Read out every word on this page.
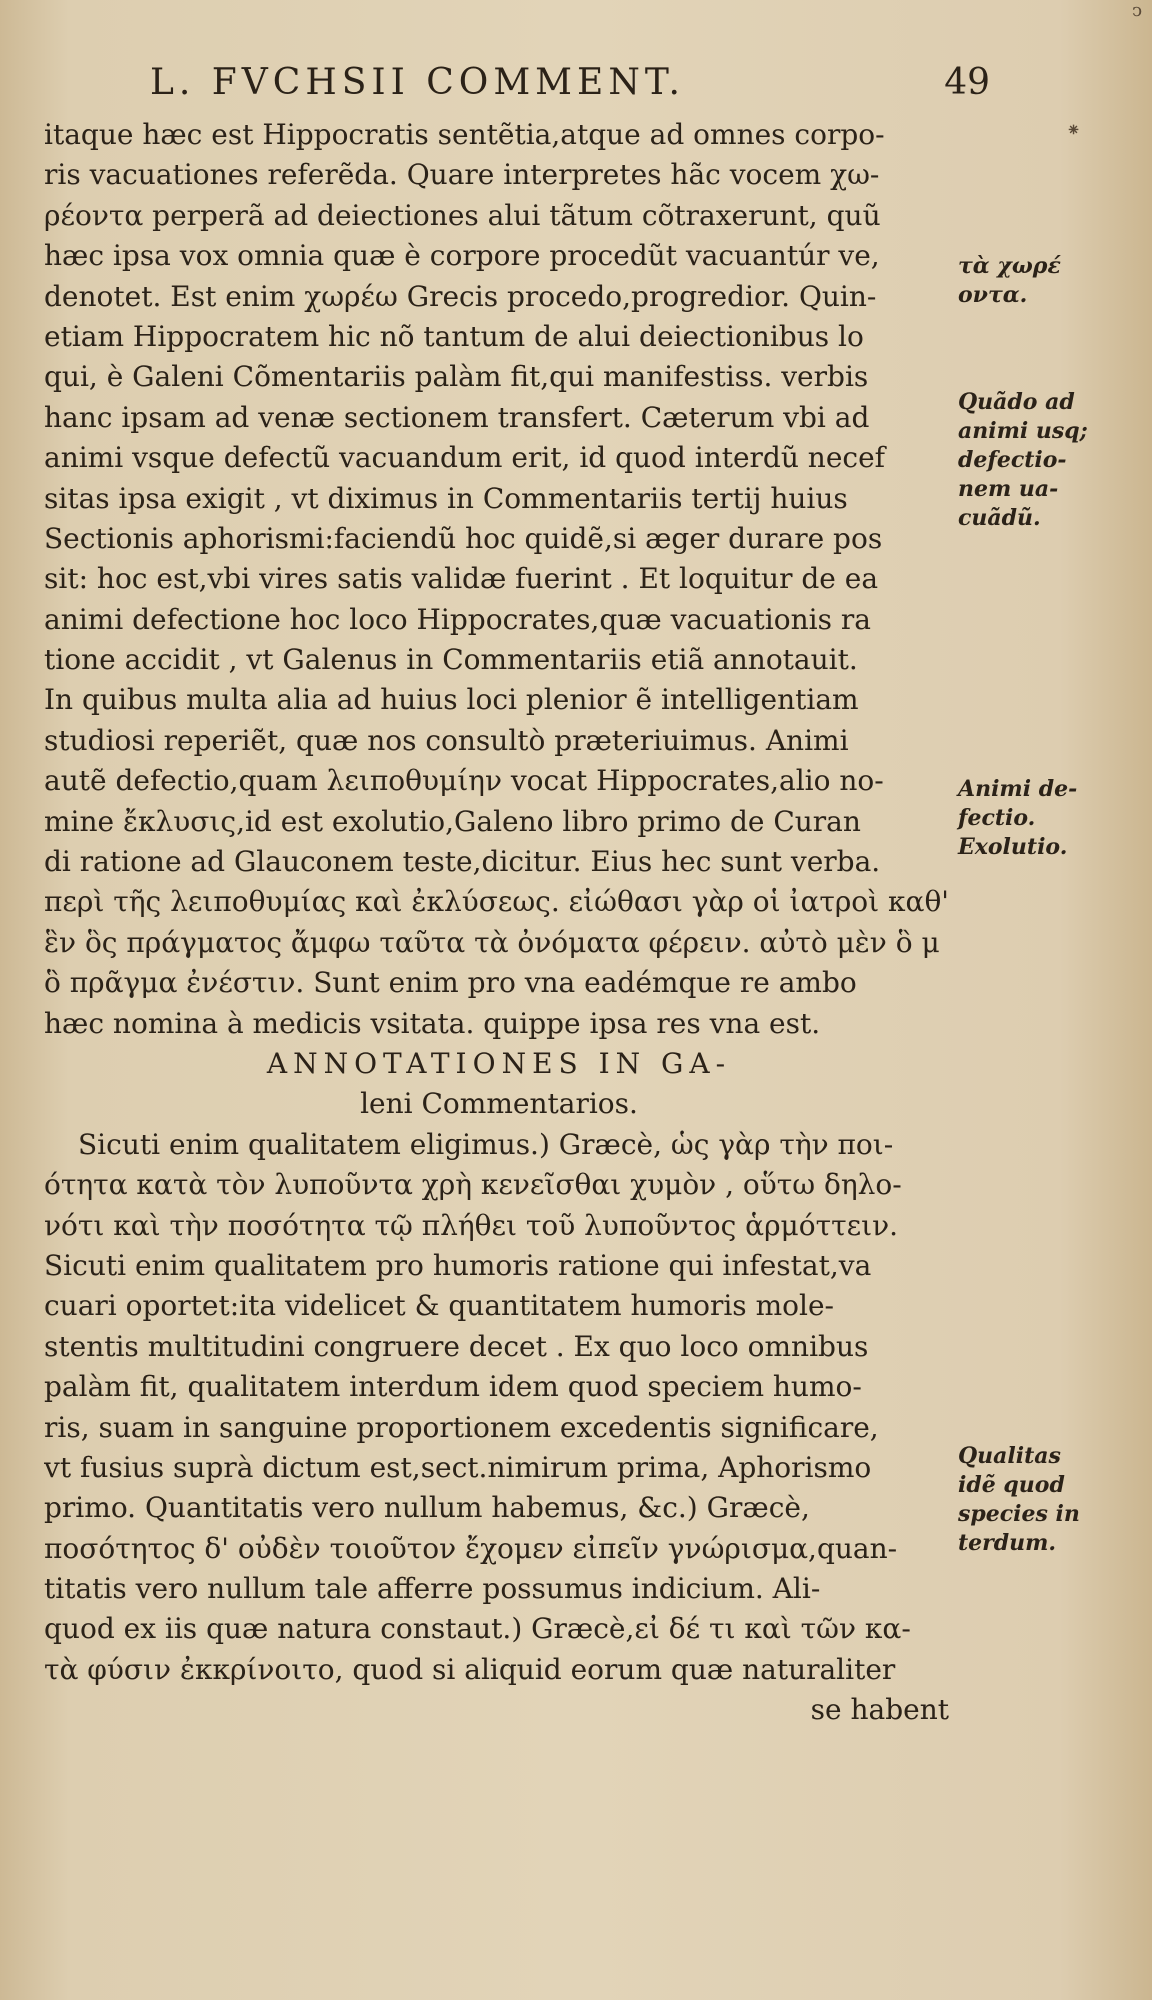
L. FVCHSII COMMENT.	49
itaque hæc est Hippocratis sentẽtia,atque ad omnes corpo-
ris vacuationes referẽda. Quare interpretes hãc vocem χω-
ρέοντα perperã ad deiectiones alui tãtum cõtraxerunt, quũ
hæc ipsa vox omnia quæ è corpore procedũt vacuantúr ve,
denotet. Est enim χωρέω Grecis procedo,progredior. Quin-
etiam Hippocratem hic nõ tantum de alui deiectionibus lo
qui, è Galeni Cõmentariis palàm fit,qui manifestiss. verbis
hanc ipsam ad venæ sectionem transfert. Cæterum vbi ad
animi vsque defectũ vacuandum erit, id quod interdũ necef
sitas ipsa exigit , vt diximus in Commentariis tertij huius
Sectionis aphorismi:faciendũ hoc quidẽ,si æger durare pos
sit: hoc est,vbi vires satis validæ fuerint . Et loquitur de ea
animi defectione hoc loco Hippocrates,quæ vacuationis ra
tione accidit , vt Galenus in Commentariis etiã annotauit.
In quibus multa alia ad huius loci plenior ẽ intelligentiam
studiosi reperiẽt, quæ nos consultò præteriuimus. Animi
autẽ defectio,quam λειποθυμίην vocat Hippocrates,alio no-
mine ἔκλυσις,id est exolutio,Galeno libro primo de Curan
di ratione ad Glauconem teste,dicitur. Eius hec sunt verba.
περὶ τῆς λειποθυμίας καὶ ἐκλύσεως. εἰώθασι γὰρ οἱ ἰατροὶ καθ'
ἓν ὃς πράγματος ἄμφω ταῦτα τὰ ὀνόματα φέρειν. αὐτὸ μὲν ὃ μ
ὃ πρᾶγμα ἐνέστιν. Sunt enim pro vna eadémque re ambo
hæc nomina à medicis vsitata. quippe ipsa res vna est.
ANNOTATIONES IN GA-
leni Commentarios.
Sicuti enim qualitatem eligimus.) Græcè, ὡς γὰρ τὴν ποι-
ότητα κατὰ τὸν λυποῦντα χρὴ κενεῖσθαι χυμὸν , οὕτω δηλο-
νότι καὶ τὴν ποσότητα τῷ πλήθει τοῦ λυποῦντος ἁρμόττειν.
Sicuti enim qualitatem pro humoris ratione qui infestat,va
cuari oportet:ita videlicet & quantitatem humoris mole-
stentis multitudini congruere decet . Ex quo loco omnibus
palàm fit, qualitatem interdum idem quod speciem humo-
ris, suam in sanguine proportionem excedentis significare,
vt fusius suprà dictum est,sect.nimirum prima, Aphorismo
primo. Quantitatis vero nullum habemus, &c.) Græcè,
ποσότητος δ' οὐδὲν τοιοῦτον ἔχομεν εἰπεῖν γνώρισμα,quan-
titatis vero nullum tale afferre possumus indicium. Ali-
quod ex iis quæ natura constaut.) Græcè,εἰ δέ τι καὶ τῶν κα-
τὰ φύσιν ἐκκρίνοιτο, quod si aliquid eorum quæ naturaliter
se habent
τὰ χωρέ
οντα.
Quãdo ad
animi usq;
defectio-
nem ua-
cuãdũ.
Animi de-
fectio.
Exolutio.
Qualitas
idẽ quod
species in
terdum.
⁕
ↄ
